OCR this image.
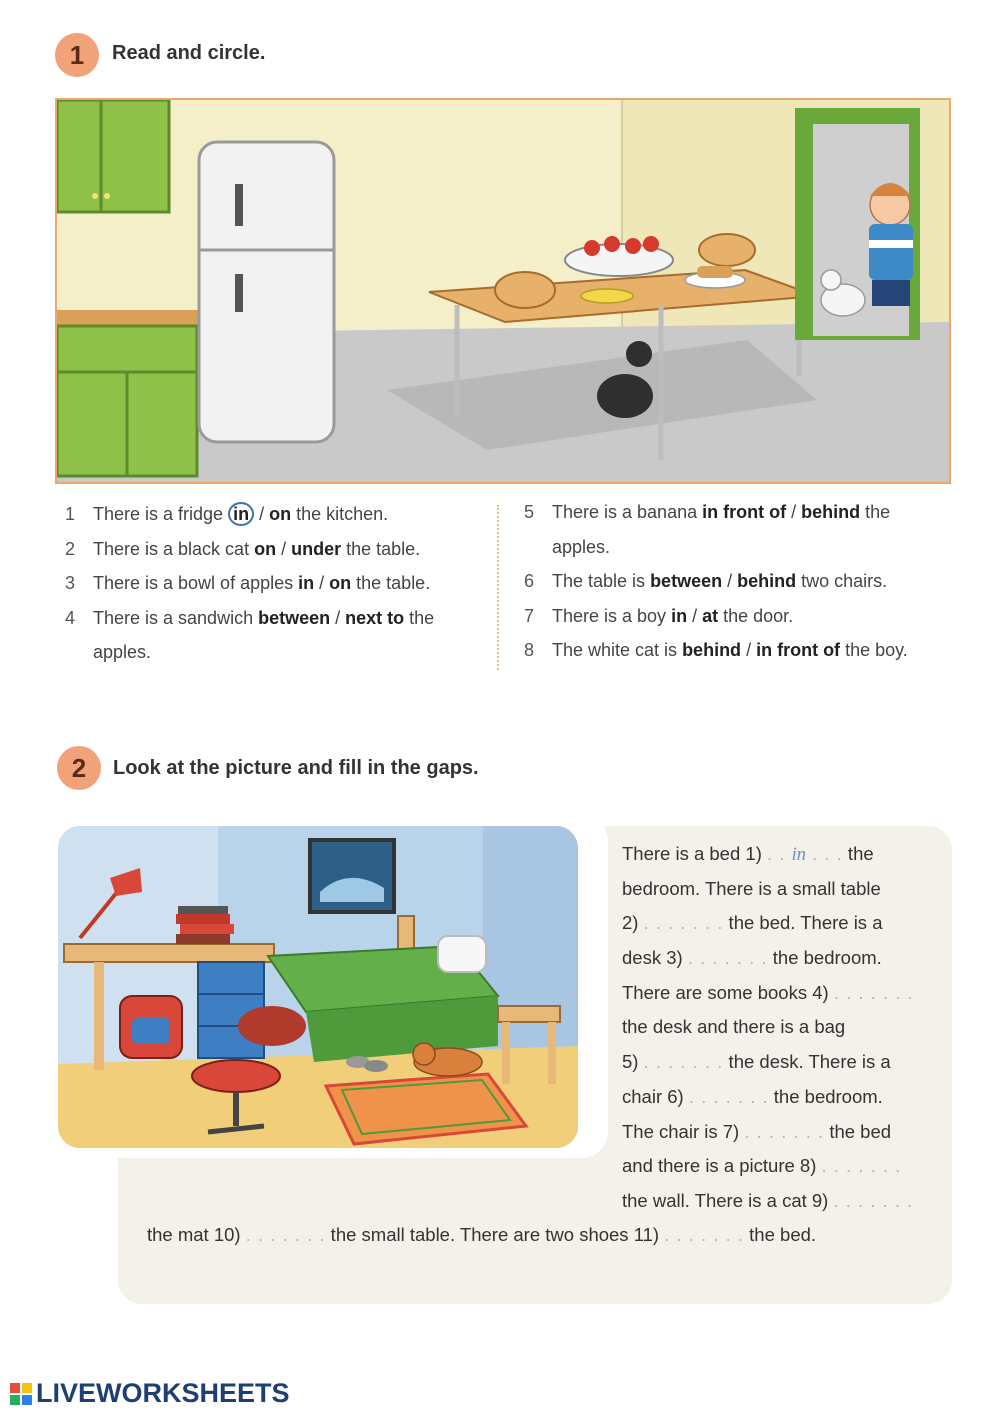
1 Read and circle.
1 There is a fridge in / on the kitchen.
2 There is a black cat on / under the table.
3 There is a bowl of apples in / on the table.
4 There is a sandwich between / next to the
apples.
5 There is a banana in front of / behind the
apples.
6 The table is between / behind two chairs.
7 There is a boy in / at the door.
8 The white cat is behind / in front of the boy.
2 Look at the picture and fill in the gaps.
There is a bed 1) . . in . . . the
bedroom. There is a small table
2) . . . . . . . the bed. There is a
desk 3) . . . . . . . the bedroom.
There are some books 4) . . . . . . .
the desk and there is a bag
5) . . . . . . . the desk. There is a
chair 6) . . . . . . . the bedroom.
The chair is 7) . . . . . . . the bed
and there is a picture 8) . . . . . . .
the wall. There is a cat 9) . . . . . . .
the mat 10) . . . . . . . the small table. There are two shoes 11) . . . . . . . the bed.
LIVEWORKSHEETS
